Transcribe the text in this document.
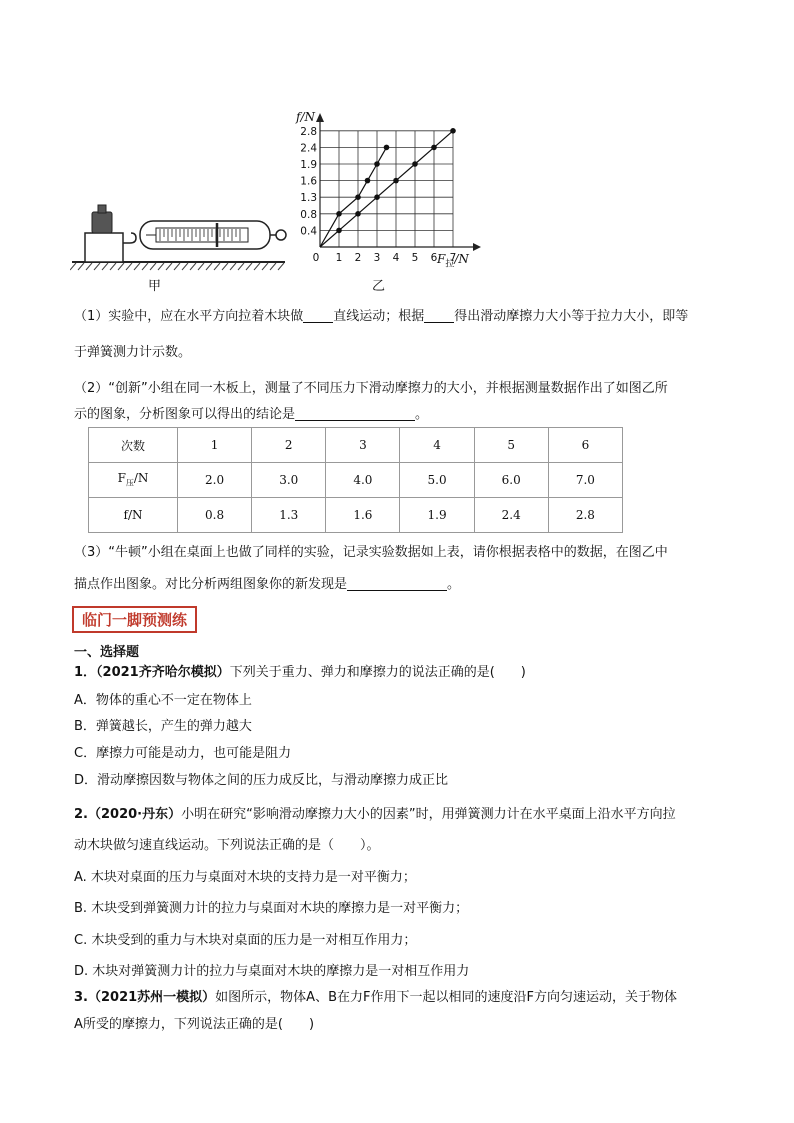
甲
f/N
0.4
0.8
1.3
1.6
1.9
2.4
2.8
0 1 2 3 4 5 6 7
$F_拉/N$
乙
（1）实验中，应在水平方向拉着木块做 直线运动；根据 得出滑动摩擦力大小等于拉力大小，即等
于弹簧测力计示数。
（2）“创新”小组在同一木板上，测量了不同压力下滑动摩擦力的大小，并根据测量数据作出了如图乙所
示的图象，分析图象可以得出的结论是	。
次数	1	2	3	4	5	6
$F_压/N$	2.0	3.0	4.0	5.0	6.0	7.0
f/N	0.8	1.3	1.6	1.9	2.4	2.8
（3）“牛顿”小组在桌面上也做了同样的实验，记录实验数据如上表，请你根据表格中的数据，在图乙中
描点作出图象。对比分析两组图象你的新发现是	。
临门一脚预测练
一、选择题
1．（2021齐齐哈尔模拟）下列关于重力、弹力和摩擦力的说法正确的是(　　)
A．物体的重心不一定在物体上
B．弹簧越长，产生的弹力越大
C．摩擦力可能是动力，也可能是阻力
D．滑动摩擦因数与物体之间的压力成反比，与滑动摩擦力成正比
2.（2020·丹东）小明在研究“影响滑动摩擦力大小的因素”时，用弹簧测力计在水平桌面上沿水平方向拉
动木块做匀速直线运动。下列说法正确的是（　　）。
A. 木块对桌面的压力与桌面对木块的支持力是一对平衡力；
B. 木块受到弹簧测力计的拉力与桌面对木块的摩擦力是一对平衡力；
C. 木块受到的重力与木块对桌面的压力是一对相互作用力；
D. 木块对弹簧测力计的拉力与桌面对木块的摩擦力是一对相互作用力
3.（2021苏州一模拟）如图所示，物体A、B在力F作用下一起以相同的速度沿F方向匀速运动，关于物体
A所受的摩擦力，下列说法正确的是(　　)
